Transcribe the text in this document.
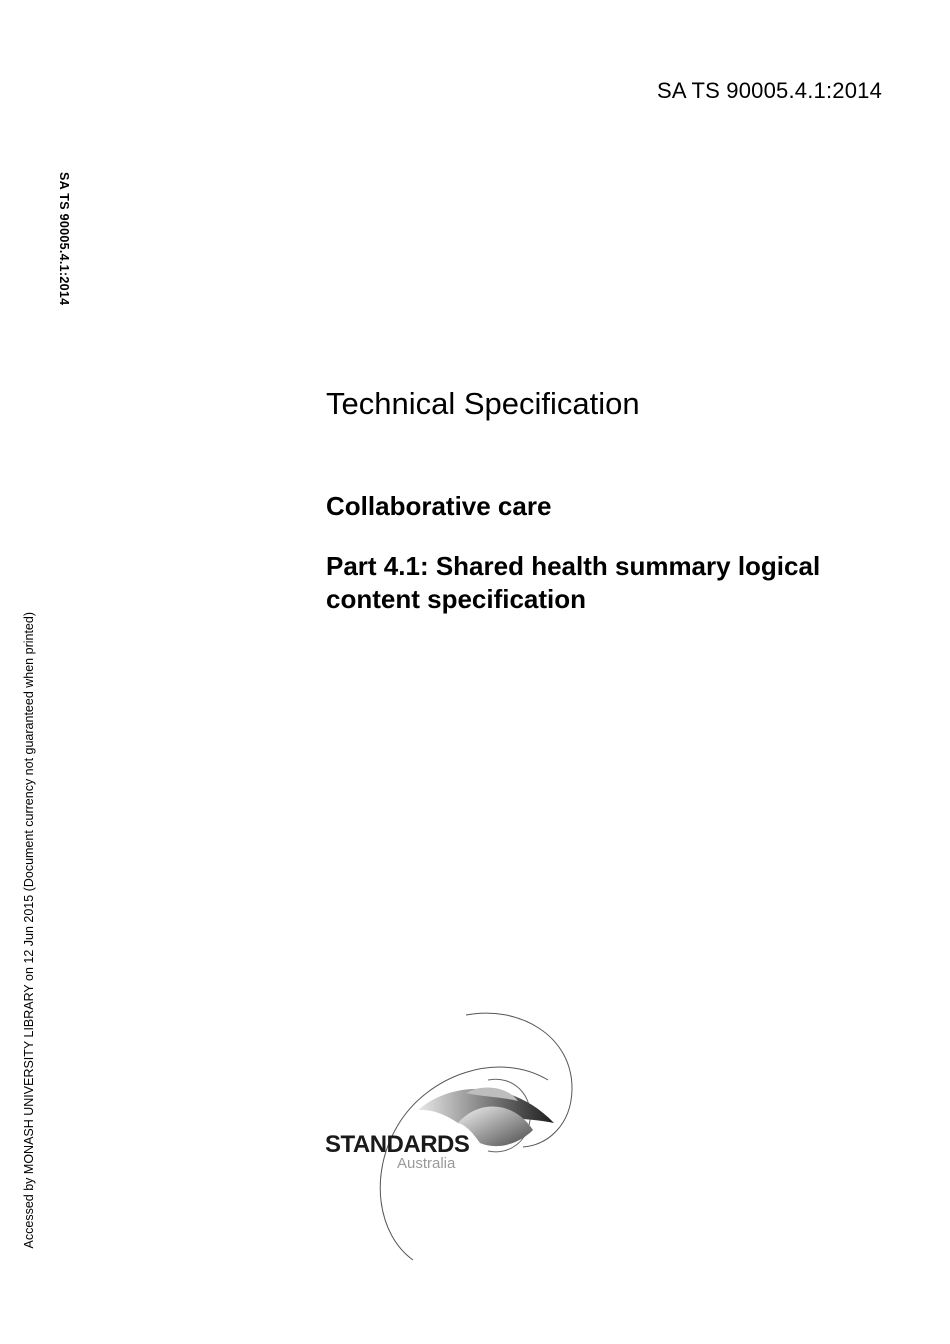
SA TS 90005.4.1:2014
SA TS 90005.4.1:2014
Accessed by MONASH UNIVERSITY LIBRARY on 12 Jun 2015 (Document currency not guaranteed when printed)

Technical Specification

Collaborative care

Part 4.1: Shared health summary logical
content specification

STANDARDS
Australia
